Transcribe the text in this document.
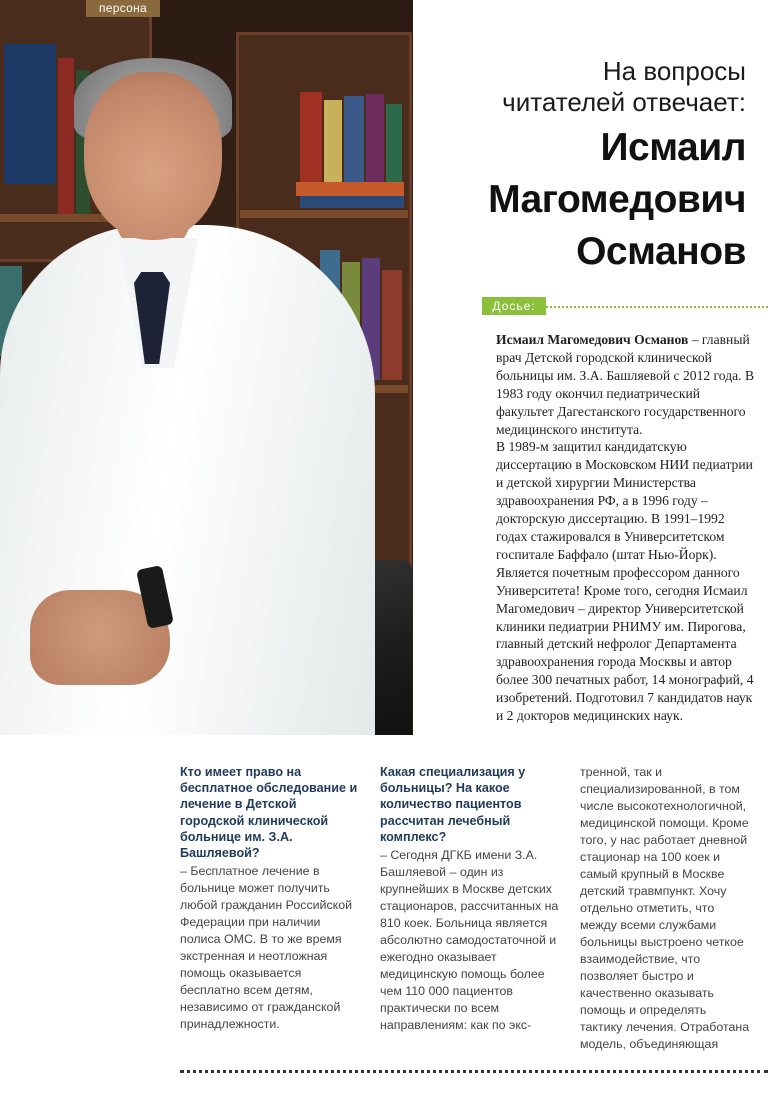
персона
На вопросы
читателей отвечает:
Исмаил
Магомедович
Османов
Досье:

Исмаил Магомедович Османов – главный врач Детской городской клинической больницы им. З.А. Башляевой с 2012 года. В 1983 году окончил педиатрический факультет Дагестанского государственного медицинского института.

В 1989-м защитил кандидатскую диссертацию в Московском НИИ педиатрии и детской хирургии Министерства здравоохранения РФ, а в 1996 году – докторскую диссертацию. В 1991–1992 годах стажировался в Университетском госпитале Баффало (штат Нью-Йорк). Является почетным профессором данного Университета! Кроме того, сегодня Исмаил Магомедович – директор Университетской клиники педиатрии РНИМУ им. Пирогова, главный детский нефролог Департамента здравоохранения города Москвы и автор более 300 печатных работ, 14 монографий, 4 изобретений. Подготовил 7 кандидатов наук и 2 докторов медицинских наук.

Кто имеет право на бесплатное обследование и лечение в Детской городской клинической больнице им. З.А. Башляевой?

– Бесплатное лечение в больнице может получить любой гражданин Российской Федерации при наличии полиса ОМС. В то же время экстренная и неотложная помощь оказывается бесплатно всем детям, независимо от гражданской принадлежности.

Какая специализация у больницы? На какое количество пациентов рассчитан лечебный комплекс?

– Сегодня ДГКБ имени З.А. Башляевой – один из крупнейших в Москве детских стационаров, рассчитанных на 810 коек. Больница является абсолютно самодостаточной и ежегодно оказывает медицинскую помощь более чем 110 000 пациентов практически по всем направлениям: как по экс-

тренной, так и специализированной, в том числе высокотехнологичной, медицинской помощи. Кроме того, у нас работает дневной стационар на 100 коек и самый крупный в Москве детский травмпункт. Хочу отдельно отметить, что между всеми службами больницы выстроено четкое взаимодействие, что позволяет быстро и качественно оказывать помощь и определять тактику лечения. Отработана модель, объединяющая
